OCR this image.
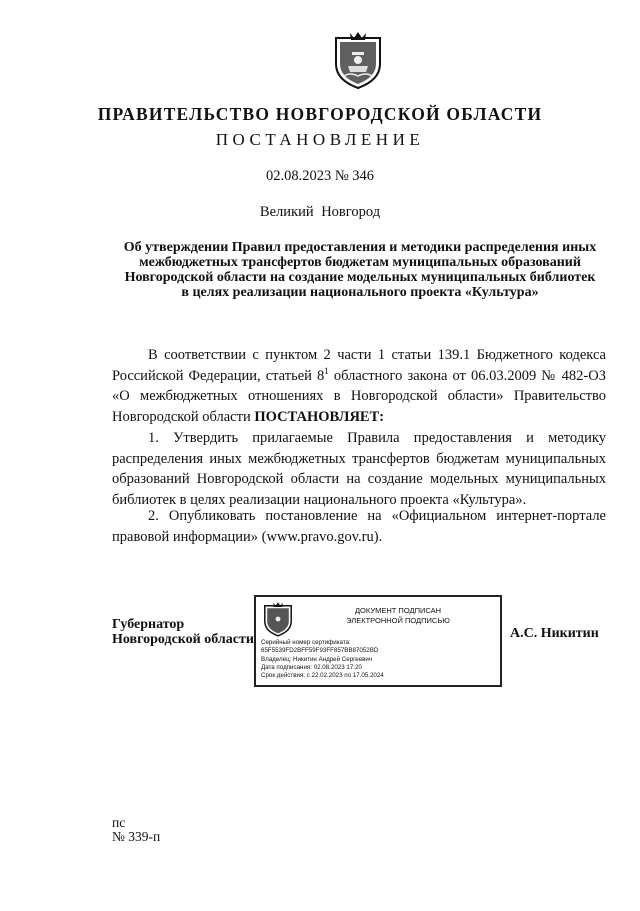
ПРАВИТЕЛЬСТВО НОВГОРОДСКОЙ ОБЛАСТИ
ПОСТАНОВЛЕНИЕ
02.08.2023 № 346
Великий Новгород
Об утверждении Правил предоставления и методики распределения иных
межбюджетных трансфертов бюджетам муниципальных образований
Новгородской области на создание модельных муниципальных библиотек
в целях реализации национального проекта «Культура»
В соответствии с пунктом 2 части 1 статьи 139.1 Бюджетного кодекса Российской Федерации, статьей $8^1$ областного закона от 06.03.2009 № 482-ОЗ «О межбюджетных отношениях в Новгородской области» Правительство Новгородской области ПОСТАНОВЛЯЕТ:
1. Утвердить прилагаемые Правила предоставления и методику распределения иных межбюджетных трансфертов бюджетам муниципальных образований Новгородской области на создание модельных муниципальных библиотек в целях реализации национального проекта «Культура».
2. Опубликовать постановление на «Официальном интернет-портале правовой информации» (www.pravo.gov.ru).
Губернатор
Новгородской области
ДОКУМЕНТ ПОДПИСАН
ЭЛЕКТРОННОЙ ПОДПИСЬЮ
Серийный номер сертификата:
65F5539FD2BFF59F93FF857BB87052BD
Владелец: Никитин Андрей Сергеевич
Дата подписания: 02.08.2023 17:20
Срок действия: с 22.02.2023 по 17.05.2024
А.С. Никитин
пс
№ 339-п
